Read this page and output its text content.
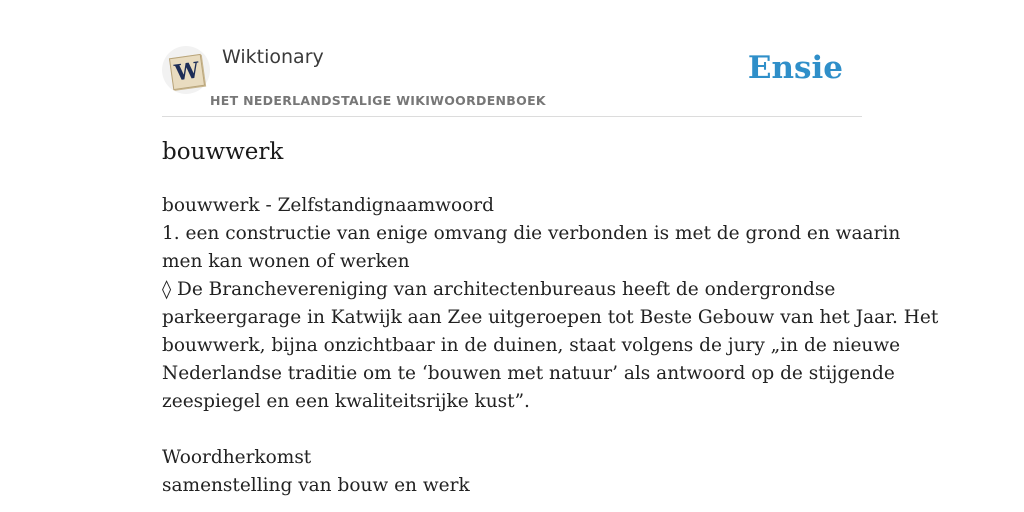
W
Wiktionary
HET NEDERLANDSTALIGE WIKIWOORDENBOEK
Ensie
bouwwerk
bouwwerk - Zelfstandignaamwoord
1. een constructie van enige omvang die verbonden is met de grond en waarin
men kan wonen of werken
◊ De Branchevereniging van architectenbureaus heeft de ondergrondse
parkeergarage in Katwijk aan Zee uitgeroepen tot Beste Gebouw van het Jaar. Het
bouwwerk, bijna onzichtbaar in de duinen, staat volgens de jury „in de nieuwe
Nederlandse traditie om te ‘bouwen met natuur’ als antwoord op de stijgende
zeespiegel en een kwaliteitsrijke kust”.
Woordherkomst
samenstelling van bouw en werk
